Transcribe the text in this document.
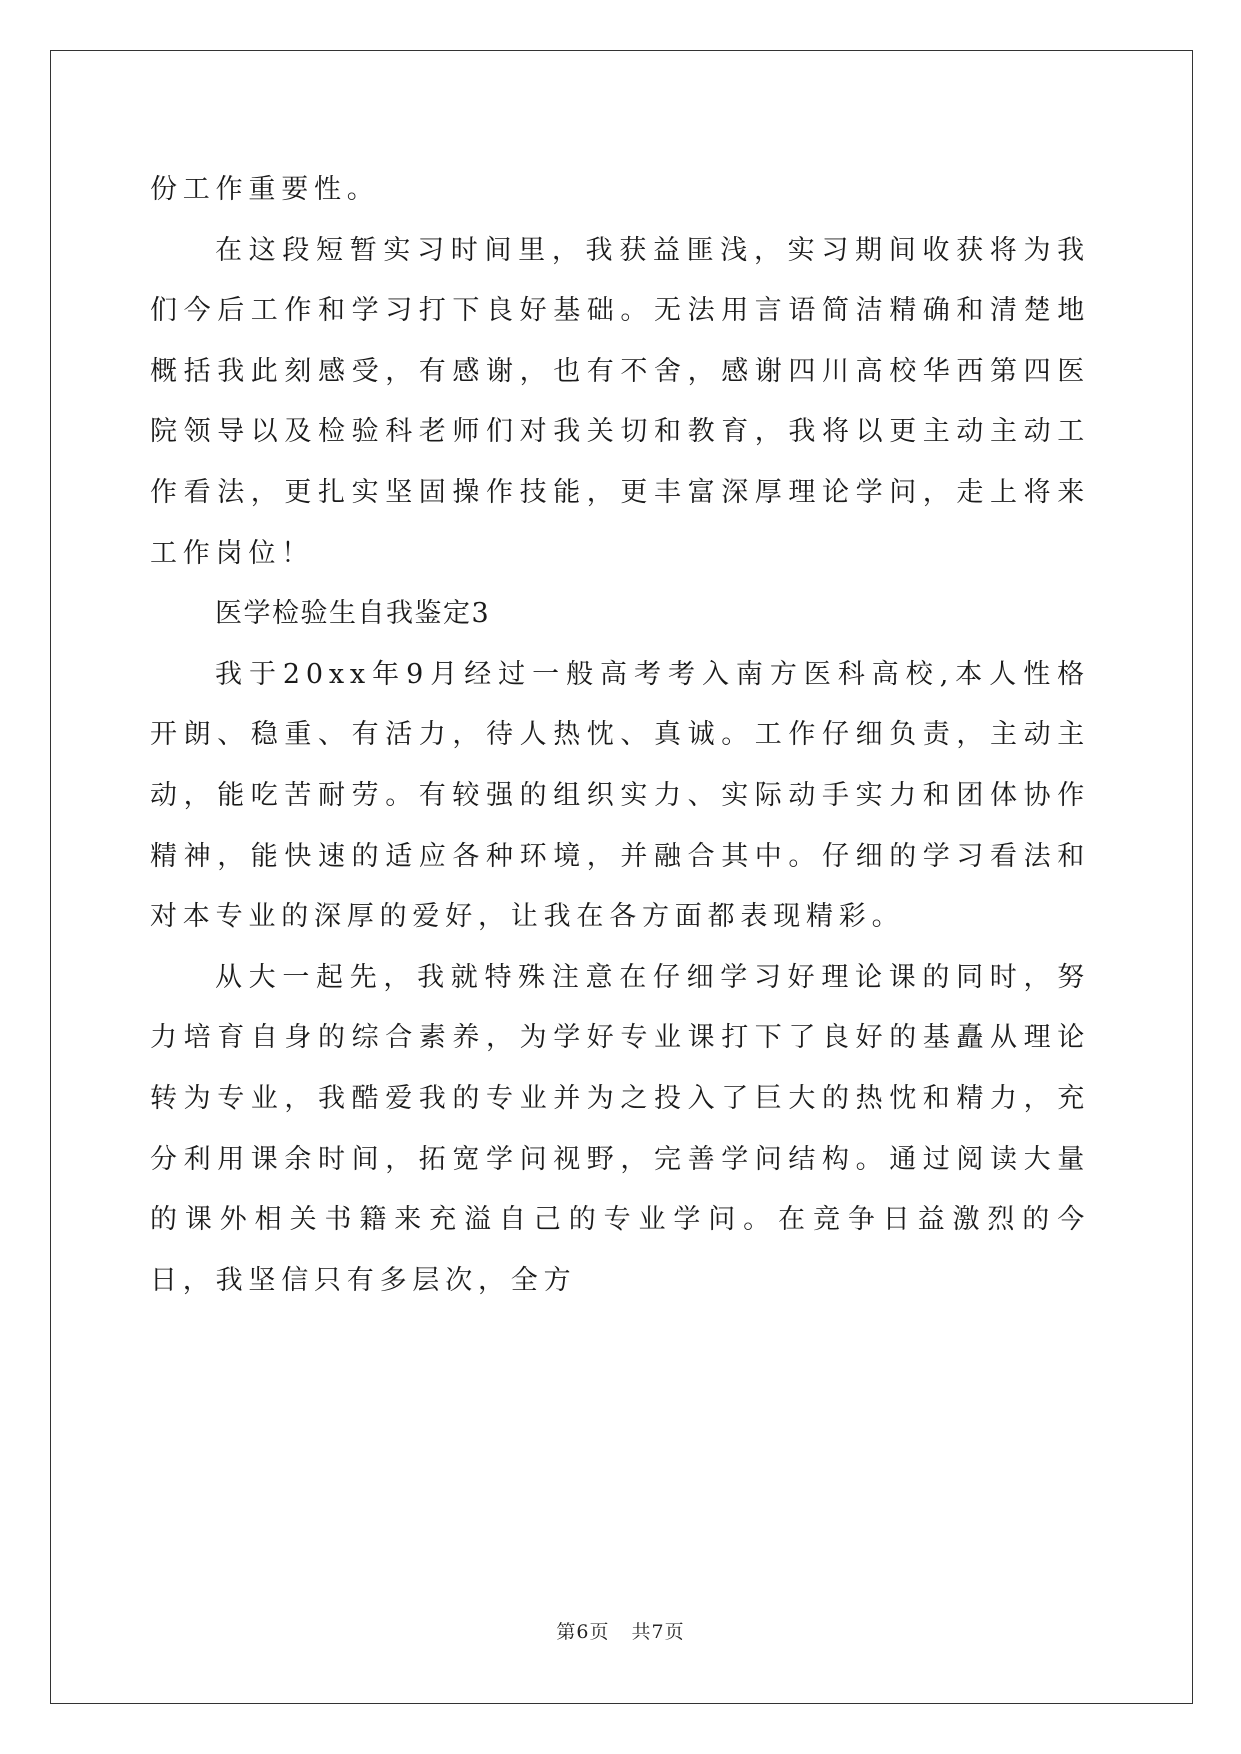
份工作重要性。

在这段短暂实习时间里，我获益匪浅，实习期间收获将为我们今后工作和学习打下良好基础。无法用言语简洁精确和清楚地概括我此刻感受，有感谢，也有不舍，感谢四川高校华西第四医院领导以及检验科老师们对我关切和教育，我将以更主动主动工作看法，更扎实坚固操作技能，更丰富深厚理论学问，走上将来工作岗位！

医学检验生自我鉴定3

我于20xx年9月经过一般高考考入南方医科高校,本人性格开朗、稳重、有活力，待人热忱、真诚。工作仔细负责，主动主动，能吃苦耐劳。有较强的组织实力、实际动手实力和团体协作精神，能快速的适应各种环境，并融合其中。仔细的学习看法和对本专业的深厚的爱好，让我在各方面都表现精彩。

从大一起先，我就特殊注意在仔细学习好理论课的同时，努力培育自身的综合素养，为学好专业课打下了良好的基矗从理论转为专业，我酷爱我的专业并为之投入了巨大的热忱和精力，充分利用课余时间，拓宽学问视野，完善学问结构。通过阅读大量的课外相关书籍来充溢自己的专业学问。在竞争日益激烈的今日，我坚信只有多层次，全方

第6页 共7页
